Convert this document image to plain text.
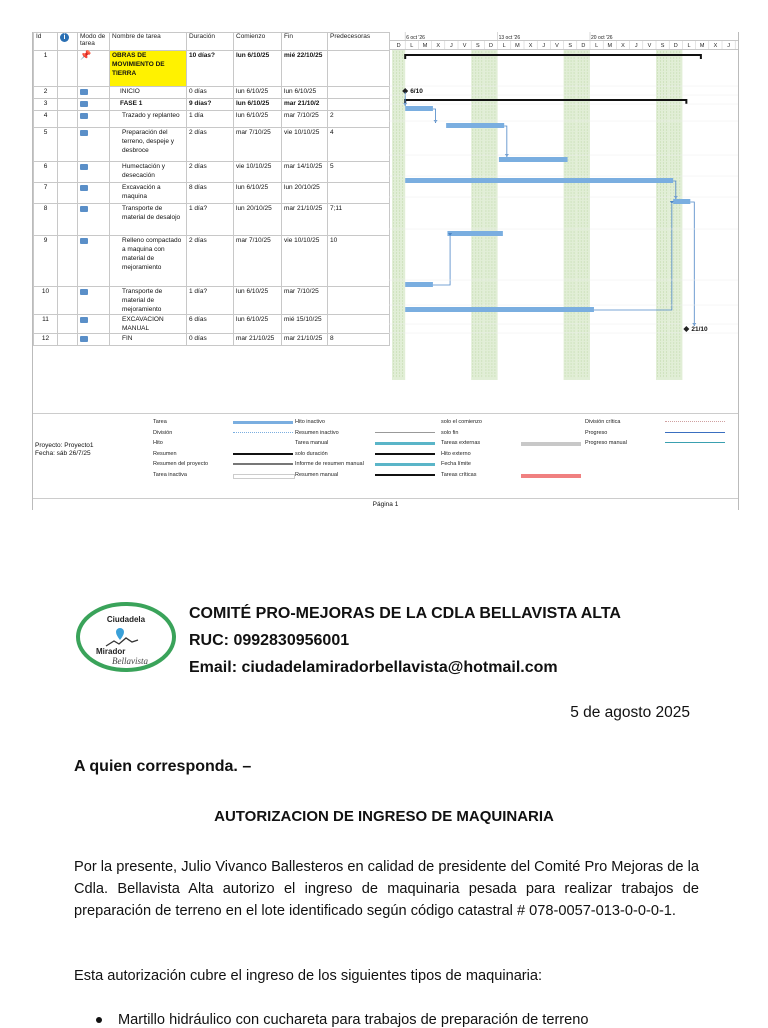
Id	i	Modo de tarea	Nombre de tarea	Duración	Comienzo	Fin	Predecesoras
1		📌	OBRAS DE MOVIMIENTO DE TIERRA	10 días?	lun 6/10/25	mié 22/10/25	
2			INICIO	0 días	lun 6/10/25	lun 6/10/25	
3			FASE 1	9 días?	lun 6/10/25	mar 21/10/2	
4			Trazado y replanteo	1 día	lun 6/10/25	mar 7/10/25	2
5			Preparación del terreno, despeje y desbroce	2 días	mar 7/10/25	vie 10/10/25	4
6			Humectación y desecación	2 días	vie 10/10/25	mar 14/10/25	5
7			Excavación a maquina	8 días	lun 6/10/25	lun 20/10/25	
8			Transporte de material de desalojo	1 día?	lun 20/10/25	mar 21/10/25	7;11
9			Relleno compactado a maquina con material de mejoramiento	2 días	mar 7/10/25	vie 10/10/25	10
10			Transporte de material de mejoramiento	1 día?	lun 6/10/25	mar 7/10/25	
11			EXCAVACION MANUAL	6 días	lun 6/10/25	mié 15/10/25	
12			FIN	0 días	mar 21/10/25	mar 21/10/25	8
6 oct '26	13 oct '26	20 oct '26
D L M X J V S D L M X J V S D L M X J V S D L M X J
6/10
21/10
Proyecto: Proyecto1
Fecha: sáb 26/7/25
Tarea
División
Hito
Resumen
Resumen del proyecto
Tarea inactiva
Hito inactivo
Resumen inactivo
Tarea manual
solo duración
Informe de resumen manual
Resumen manual
solo el comienzo
solo fin
Tareas externas
Hito externo
Fecha límite
Tareas críticas
División crítica
Progreso
Progreso manual
Página 1
Ciudadela
Mirador
Bellavista
COMITÉ PRO-MEJORAS DE LA CDLA BELLAVISTA ALTA
RUC: 0992830956001
Email: ciudadelamiradorbellavista@hotmail.com
5 de agosto 2025
A quien corresponda. –
AUTORIZACION DE INGRESO DE MAQUINARIA
Por la presente, Julio Vivanco Ballesteros en calidad de presidente del Comité Pro Mejoras de la Cdla. Bellavista Alta autorizo el ingreso de maquinaria pesada para realizar trabajos de preparación de terreno en el lote identificado según código catastral # 078-0057-013-0-0-0-1.
Esta autorización cubre el ingreso de los siguientes tipos de maquinaria:
Martillo hidráulico con cuchareta para trabajos de preparación de terreno
